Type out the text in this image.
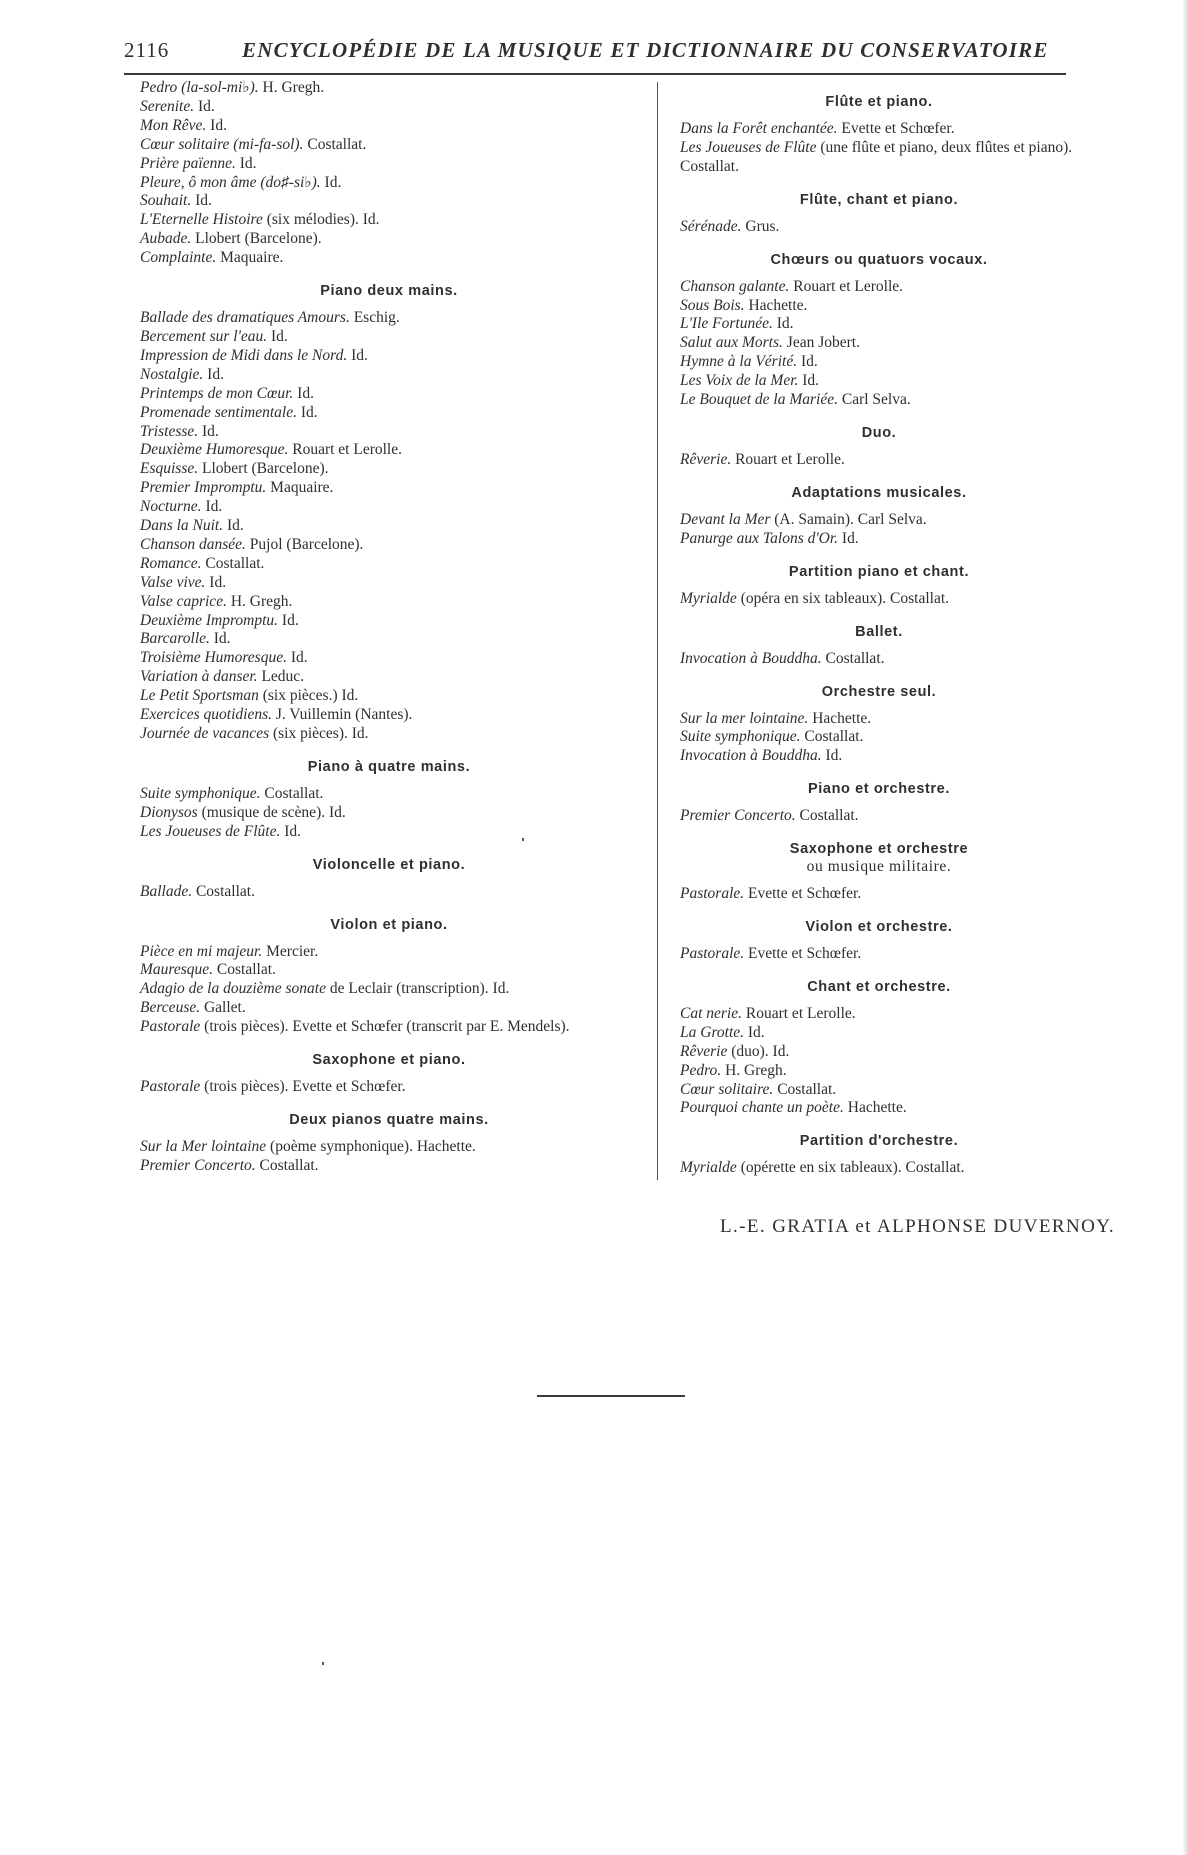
2116	ENCYCLOPÉDIE DE LA MUSIQUE ET DICTIONNAIRE DU CONSERVATOIRE
Pedro (la-sol-mi♭). H. Gregh.
Serenite. Id.
Mon Rêve. Id.
Cœur solitaire (mi-fa-sol). Costallat.
Prière païenne. Id.
Pleure, ô mon âme (do♯-si♭). Id.
Souhait. Id.
L'Eternelle Histoire (six mélodies). Id.
Aubade. Llobert (Barcelone).
Complainte. Maquaire.
Piano deux mains.
Ballade des dramatiques Amours. Eschig.
Bercement sur l'eau. Id.
Impression de Midi dans le Nord. Id.
Nostalgie. Id.
Printemps de mon Cœur. Id.
Promenade sentimentale. Id.
Tristesse. Id.
Deuxième Humoresque. Rouart et Lerolle.
Esquisse. Llobert (Barcelone).
Premier Impromptu. Maquaire.
Nocturne. Id.
Dans la Nuit. Id.
Chanson dansée. Pujol (Barcelone).
Romance. Costallat.
Valse vive. Id.
Valse caprice. H. Gregh.
Deuxième Impromptu. Id.
Barcarolle. Id.
Troisième Humoresque. Id.
Variation à danser. Leduc.
Le Petit Sportsman (six pièces.) Id.
Exercices quotidiens. J. Vuillemin (Nantes).
Journée de vacances (six pièces). Id.
Piano à quatre mains.
Suite symphonique. Costallat.
Dionysos (musique de scène). Id.
Les Joueuses de Flûte. Id.
Violoncelle et piano.
Ballade. Costallat.
Violon et piano.
Pièce en mi majeur. Mercier.
Mauresque. Costallat.
Adagio de la douzième sonate de Leclair (transcription). Id.
Berceuse. Gallet.
Pastorale (trois pièces). Evette et Schœfer (transcrit par E. Mendels).
Saxophone et piano.
Pastorale (trois pièces). Evette et Schœfer.
Deux pianos quatre mains.
Sur la Mer lointaine (poème symphonique). Hachette.
Premier Concerto. Costallat.
Flûte et piano.
Dans la Forêt enchantée. Evette et Schœfer.
Les Joueuses de Flûte (une flûte et piano, deux flûtes et piano). Costallat.
Flûte, chant et piano.
Sérénade. Grus.
Chœurs ou quatuors vocaux.
Chanson galante. Rouart et Lerolle.
Sous Bois. Hachette.
L'Ile Fortunée. Id.
Salut aux Morts. Jean Jobert.
Hymne à la Vérité. Id.
Les Voix de la Mer. Id.
Le Bouquet de la Mariée. Carl Selva.
Duo.
Rêverie. Rouart et Lerolle.
Adaptations musicales.
Devant la Mer (A. Samain). Carl Selva.
Panurge aux Talons d'Or. Id.
Partition piano et chant.
Myrialde (opéra en six tableaux). Costallat.
Ballet.
Invocation à Bouddha. Costallat.
Orchestre seul.
Sur la mer lointaine. Hachette.
Suite symphonique. Costallat.
Invocation à Bouddha. Id.
Piano et orchestre.
Premier Concerto. Costallat.
Saxophone et orchestre
ou musique militaire.
Pastorale. Evette et Schœfer.
Violon et orchestre.
Pastorale. Evette et Schœfer.
Chant et orchestre.
Cat nerie. Rouart et Lerolle.
La Grotte. Id.
Rêverie (duo). Id.
Pedro. H. Gregh.
Cœur solitaire. Costallat.
Pourquoi chante un poète. Hachette.
Partition d'orchestre.
Myrialde (opérette en six tableaux). Costallat.
L.-E. GRATIA et ALPHONSE DUVERNOY.
